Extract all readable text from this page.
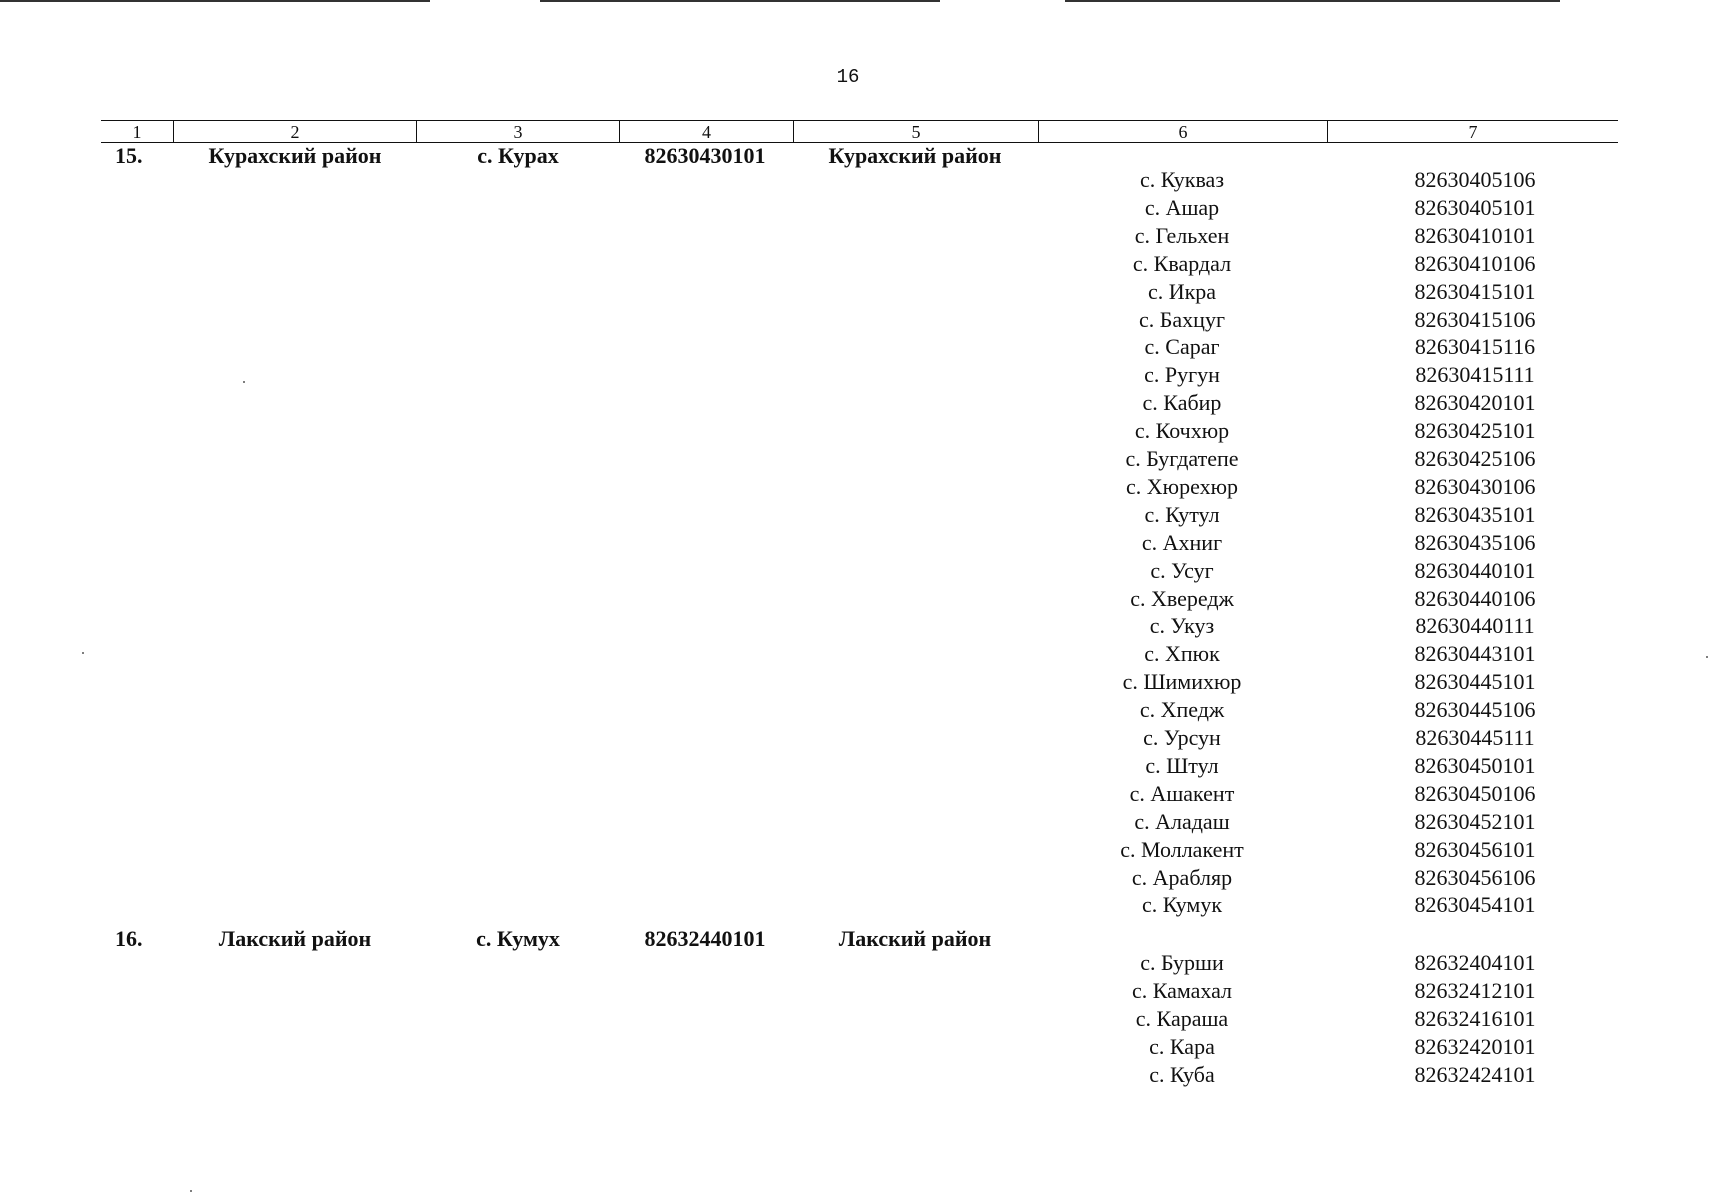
16
1	2	3	4	5	6	7
15.	Курахский район	с. Курах	82630430101	Курахский район
с. Кукваз	82630405106
с. Ашар	82630405101
с. Гельхен	82630410101
с. Квардал	82630410106
с. Икра	82630415101
с. Бахцуг	82630415106
с. Сараг	82630415116
с. Ругун	82630415111
с. Кабир	82630420101
с. Кочхюр	82630425101
с. Бугдатепе	82630425106
с. Хюрехюр	82630430106
с. Кутул	82630435101
с. Ахниг	82630435106
с. Усуг	82630440101
с. Хвередж	82630440106
с. Укуз	82630440111
с. Хпюк	82630443101
с. Шимихюр	82630445101
с. Хпедж	82630445106
с. Урсун	82630445111
с. Штул	82630450101
с. Ашакент	82630450106
с. Аладаш	82630452101
с. Моллакент	82630456101
с. Арабляр	82630456106
с. Кумук	82630454101
16.	Лакский район	с. Кумух	82632440101	Лакский район
с. Бурши	82632404101
с. Камахал	82632412101
с. Караша	82632416101
с. Кара	82632420101
с. Куба	82632424101
